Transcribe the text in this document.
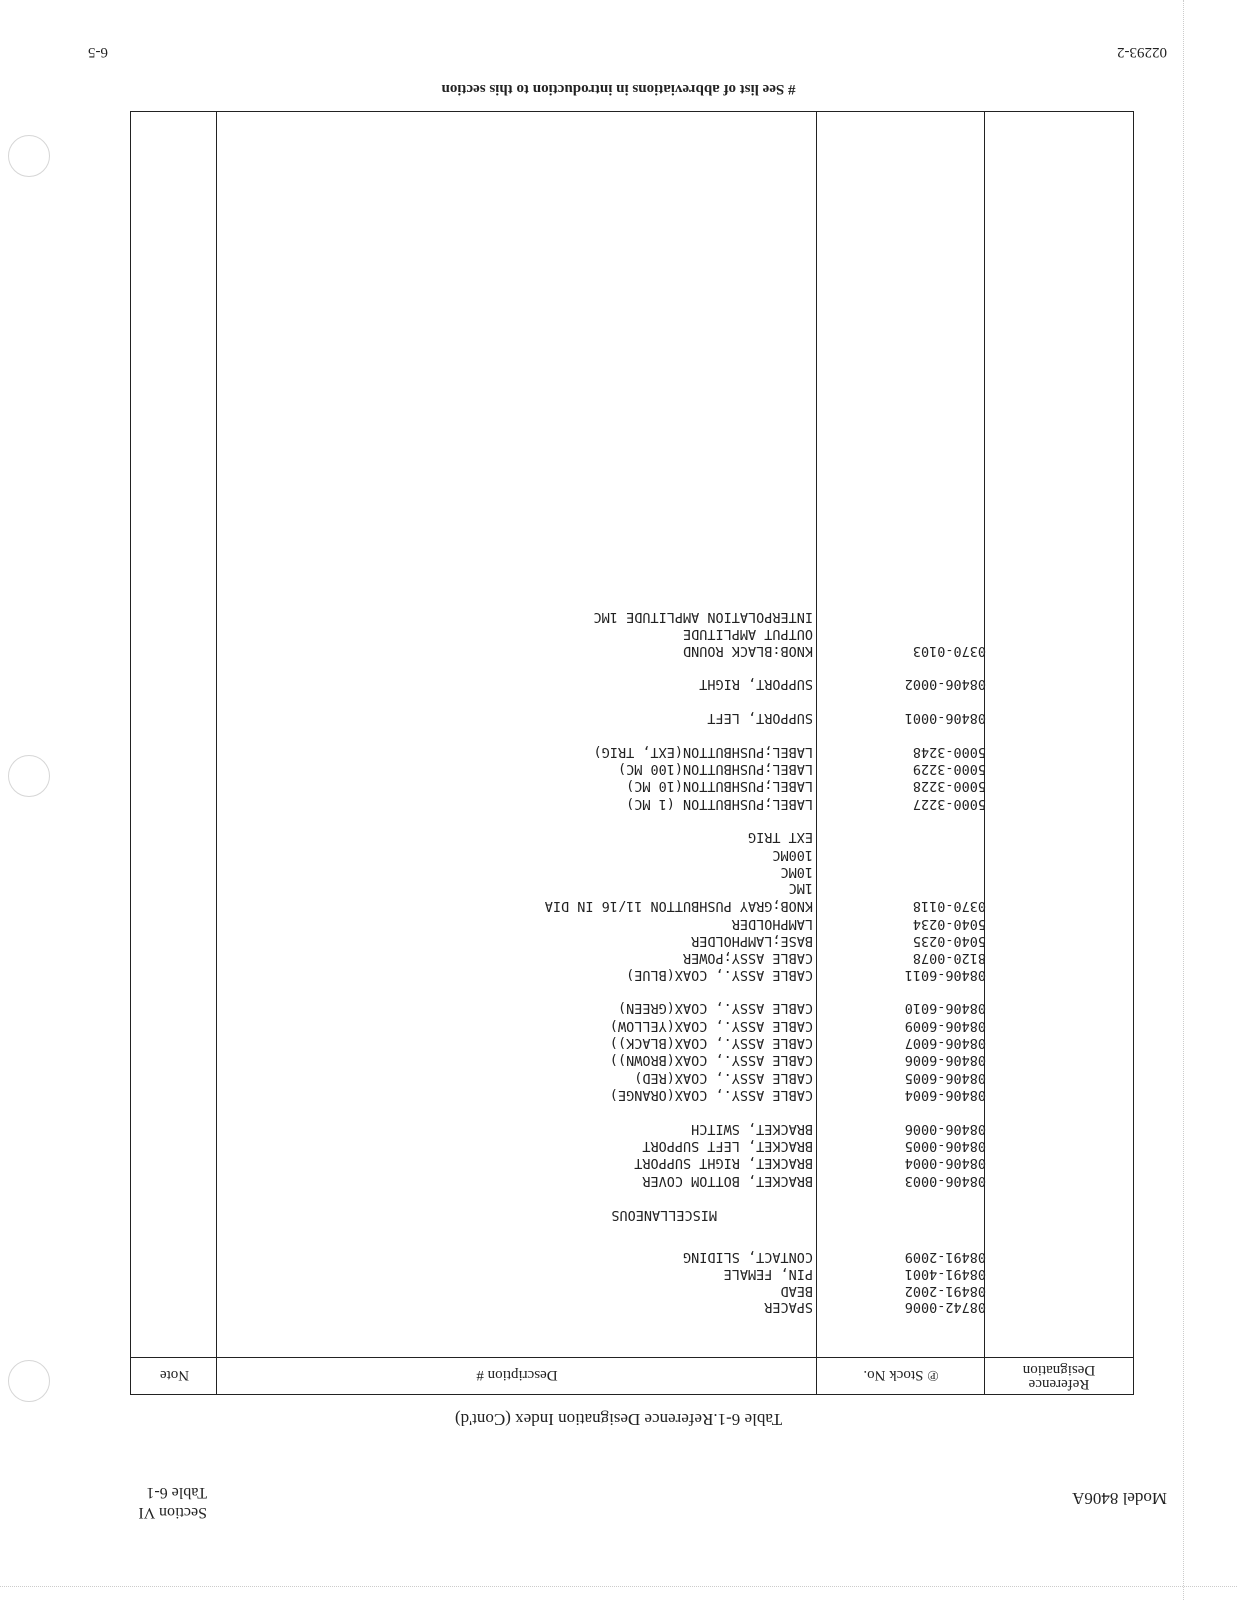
Model 8406A
Section VI
Table 6-1
Table 6-1.Reference Designation Index (Cont'd)
Reference
Designation
℗ Stock No.
Description #
Note
08742-0006
SPACER
08491-2002
BEAD
08491-4001
PIN, FEMALE
08491-2009
CONTACT, SLIDING
MISCELLANEOUS
08406-0003
BRACKET, BOTTOM COVER
08406-0004
BRACKET, RIGHT SUPPORT
08406-0005
BRACKET, LEFT SUPPORT
08406-0006
BRACKET, SWITCH
08406-6004
CABLE ASSY., COAX(ORANGE)
08406-6005
CABLE ASSY., COAX(RED)
08406-6006
CABLE ASSY., COAX(BROWN))
08406-6007
CABLE ASSY., COAX(BLACK))
08406-6009
CABLE ASSY., COAX(YELLOW)
08406-6010
CABLE ASSY., COAX(GREEN)
08406-6011
CABLE ASSY., COAX(BLUE)
8120-0078
CABLE ASSY;POWER
5040-0235
BASE;LAMPHOLDER
5040-0234
LAMPHOLDER
0370-0118
KNOB;GRAY PUSHBUTTON 11/16 IN DIA
1MC
10MC
100MC
EXT TRIG
5000-3227
LABEL;PUSHBUTTON (1 MC)
5000-3228
LABEL;PUSHBUTTON(10 MC)
5000-3229
LABEL;PUSHBUTTON(100 MC)
5000-3248
LABEL;PUSHBUTTON(EXT, TRIG)
08406-0001
SUPPORT, LEFT
08406-0002
SUPPORT, RIGHT
0370-0103
KNOB:BLACK ROUND
OUTPUT AMPLITUDE
INTERPOLATION AMPLITUDE 1MC
# See list of abbreviations in introduction to this section
02293-2
6-5
